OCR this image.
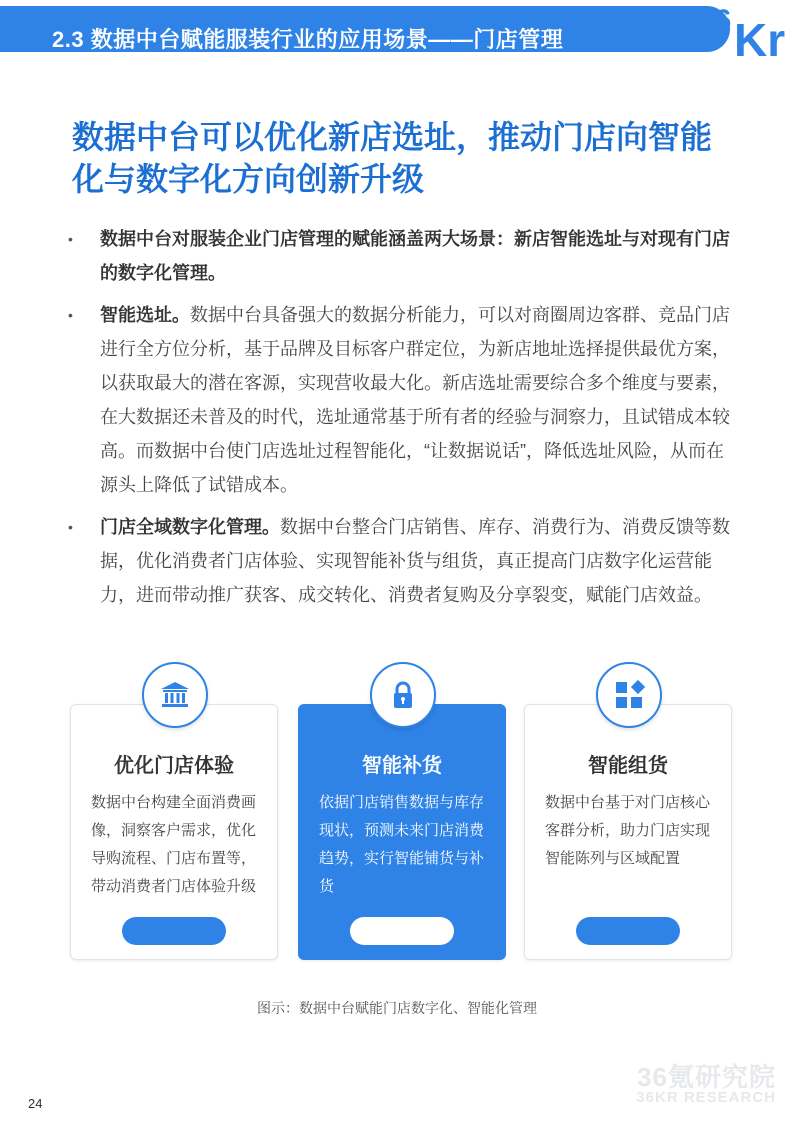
2.3 数据中台赋能服装行业的应用场景——门店管理
36 Kr
数据中台可以优化新店选址，推动门店向智能化与数字化方向创新升级
• 数据中台对服装企业门店管理的赋能涵盖两大场景：新店智能选址与对现有门店的数字化管理。
• 智能选址。数据中台具备强大的数据分析能力，可以对商圈周边客群、竞品门店进行全方位分析，基于品牌及目标客户群定位，为新店地址选择提供最优方案，以获取最大的潜在客源，实现营收最大化。新店选址需要综合多个维度与要素，在大数据还未普及的时代，选址通常基于所有者的经验与洞察力，且试错成本较高。而数据中台使门店选址过程智能化，“让数据说话”，降低选址风险，从而在源头上降低了试错成本。
• 门店全域数字化管理。数据中台整合门店销售、库存、消费行为、消费反馈等数据，优化消费者门店体验、实现智能补货与组货，真正提高门店数字化运营能力，进而带动推广获客、成交转化、消费者复购及分享裂变，赋能门店效益。
优化门店体验
数据中台构建全面消费画像，洞察客户需求，优化导购流程、门店布置等，带动消费者门店体验升级
智能补货
依据门店销售数据与库存现状，预测未来门店消费趋势，实行智能铺货与补货
智能组货
数据中台基于对门店核心客群分析，助力门店实现智能陈列与区域配置
图示：数据中台赋能门店数字化、智能化管理
36氪研究院
36KR RESEARCH
24
